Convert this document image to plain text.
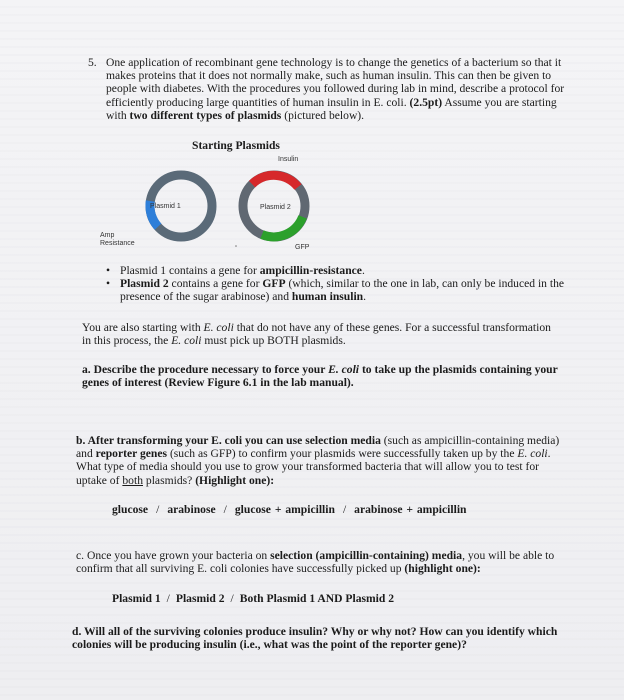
5. One application of recombinant gene technology is to change the genetics of a bacterium so that it makes proteins that it does not normally make, such as human insulin. This can then be given to people with diabetes. With the procedures you followed during lab in mind, describe a protocol for efficiently producing large quantities of human insulin in E. coli. (2.5pt) Assume you are starting with two different types of plasmids (pictured below).
Starting Plasmids
Plasmid 1	Plasmid 2
Insulin
Amp
Resistance
GFP
• Plasmid 1 contains a gene for ampicillin-resistance.
• Plasmid 2 contains a gene for GFP (which, similar to the one in lab, can only be induced in the presence of the sugar arabinose) and human insulin.
You are also starting with E. coli that do not have any of these genes. For a successful transformation in this process, the E. coli must pick up BOTH plasmids.
a. Describe the procedure necessary to force your E. coli to take up the plasmids containing your genes of interest (Review Figure 6.1 in the lab manual).
b. After transforming your E. coli you can use selection media (such as ampicillin-containing media) and reporter genes (such as GFP) to confirm your plasmids were successfully taken up by the E. coli. What type of media should you use to grow your transformed bacteria that will allow you to test for uptake of both plasmids? (Highlight one):
glucose / arabinose / glucose + ampicillin / arabinose + ampicillin
c. Once you have grown your bacteria on selection (ampicillin-containing) media, you will be able to confirm that all surviving E. coli colonies have successfully picked up (highlight one):
Plasmid 1 / Plasmid 2 / Both Plasmid 1 AND Plasmid 2
d. Will all of the surviving colonies produce insulin? Why or why not? How can you identify which colonies will be producing insulin (i.e., what was the point of the reporter gene)?
